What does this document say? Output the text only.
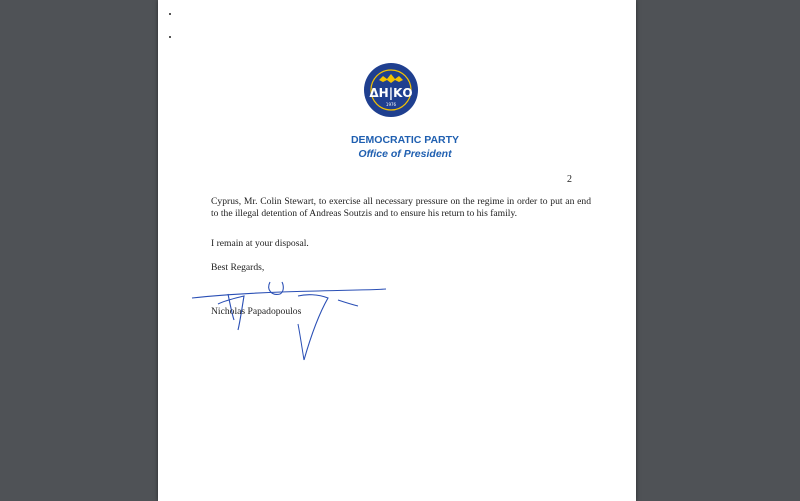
ΔΗ|ΚΟ
1976
DEMOCRATIC PARTY
Office of President
2

Cyprus, Mr. Colin Stewart, to exercise all necessary pressure on the regime in order to put an end to the illegal detention of Andreas Soutzis and to ensure his return to his family.

I remain at your disposal.
Best Regards,
Nicholas Papadopoulos
